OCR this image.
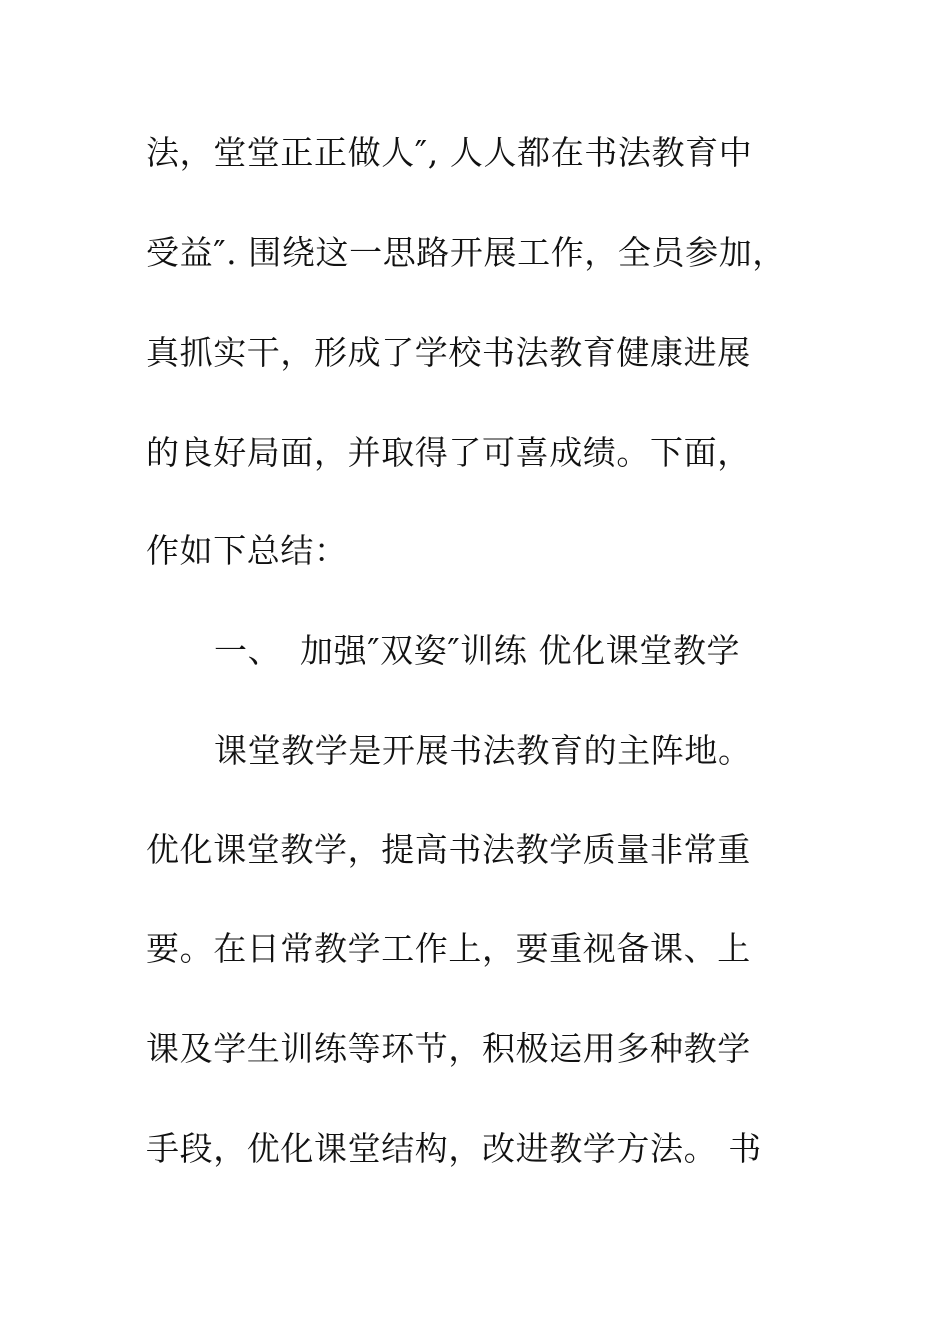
法，堂堂正正做人″, 人人都在书法教育中
受益″. 围绕这一思路开展工作，全员参加，
真抓实干，形成了学校书法教育健康进展
的良好局面，并取得了可喜成绩。下面，
作如下总结：
一、 加强″双姿″训练 优化课堂教学
课堂教学是开展书法教育的主阵地。
优化课堂教学，提高书法教学质量非常重
要。在日常教学工作上，要重视备课、上
课及学生训练等环节，积极运用多种教学
手段，优化课堂结构，改进教学方法。 书
